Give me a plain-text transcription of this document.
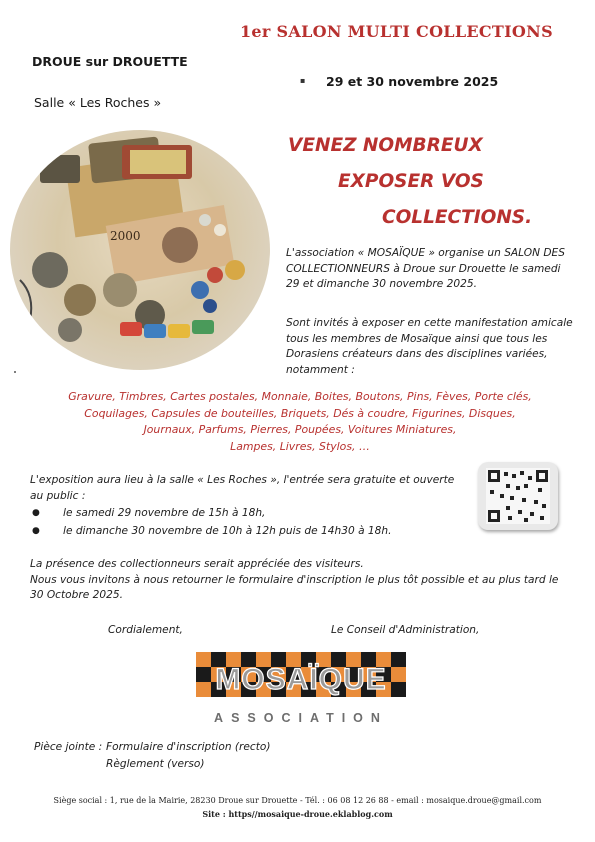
1er SALON MULTI COLLECTIONS
DROUE sur DROUETTE
▪ 29 et 30 novembre 2025
Salle « Les Roches »
2000
VENEZ NOMBREUX
EXPOSER VOS
COLLECTIONS.
L'association « MOSAÏQUE » organise un SALON DES COLLECTIONNEURS à Droue sur Drouette le samedi 29 et dimanche 30 novembre 2025.
Sont invités à exposer en cette manifestation amicale tous les membres de Mosaïque ainsi que tous les Dorasiens créateurs dans des disciplines variées, notamment :
Gravure, Timbres, Cartes postales, Monnaie, Boites, Boutons, Pins, Fèves, Porte clés,
Coquilages, Capsules de bouteilles, Briquets, Dés à coudre, Figurines, Disques,
Journaux, Parfums, Pierres, Poupées, Voitures Miniatures,
Lampes, Livres, Stylos, …
L'exposition aura lieu à la salle « Les Roches », l'entrée sera gratuite et ouverte au public :
● le samedi 29 novembre de 15h à 18h,
● le dimanche 30 novembre de 10h à 12h puis de 14h30 à 18h.
La présence des collectionneurs serait appréciée des visiteurs.
Nous vous invitons à nous retourner le formulaire d'inscription le plus tôt possible et au plus tard le 30 Octobre 2025.
Cordialement,	Le Conseil d'Administration,
MOSAÏQUE
ASSOCIATION
Pièce jointe : Formulaire d'inscription (recto)
Règlement (verso)
Siège social : 1, rue de la Mairie, 28230 Droue sur Drouette - Tél. : 06 08 12 26 88 - email : mosaique.droue@gmail.com
Site : https//mosaique-droue.eklablog.com
